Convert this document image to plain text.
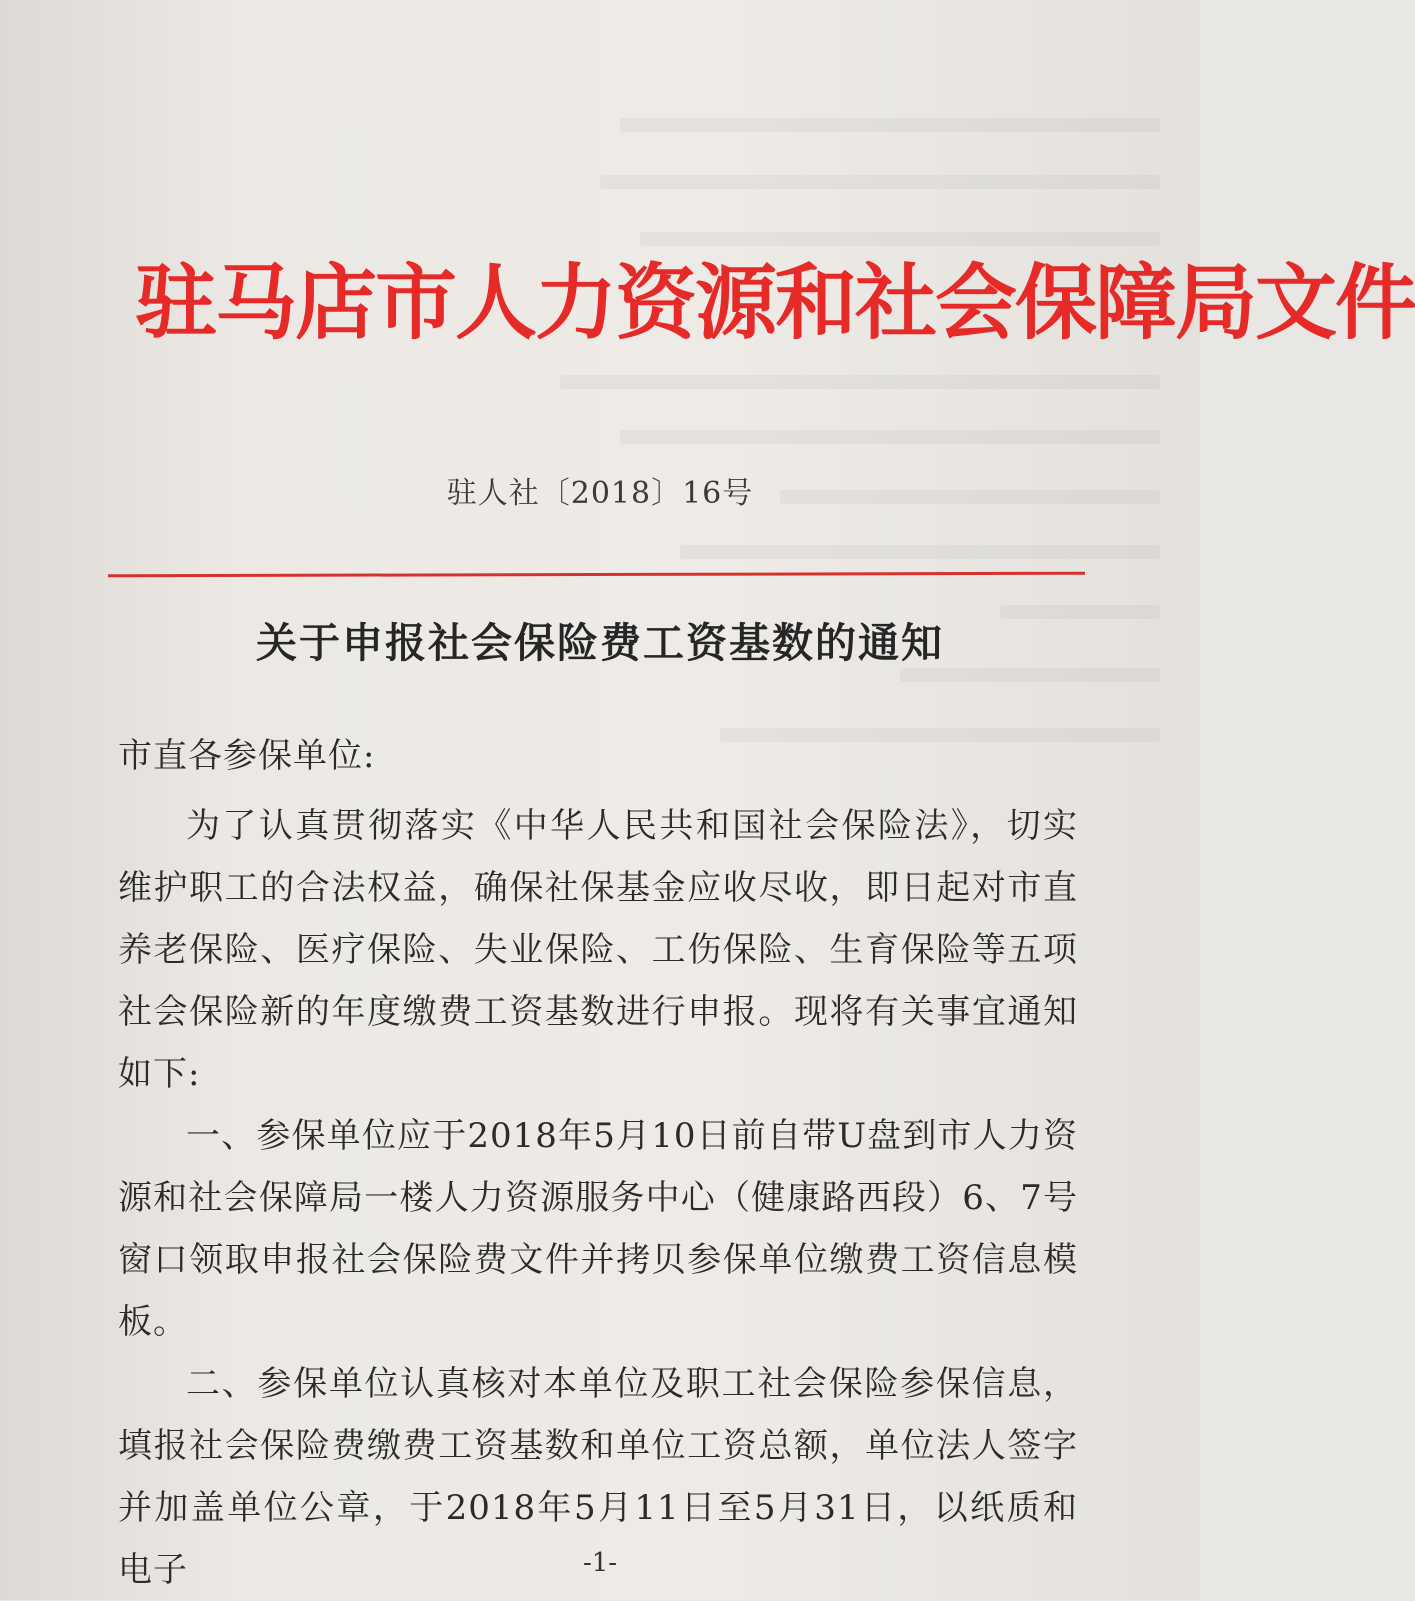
驻马店市人力资源和社会保障局文件
驻人社〔2018〕16号
关于申报社会保险费工资基数的通知

市直各参保单位:

为了认真贯彻落实《中华人民共和国社会保险法》，切实维护职工的合法权益，确保社保基金应收尽收，即日起对市直养老保险、医疗保险、失业保险、工伤保险、生育保险等五项社会保险新的年度缴费工资基数进行申报。现将有关事宜通知如下:

一、参保单位应于2018年5月10日前自带U盘到市人力资源和社会保障局一楼人力资源服务中心（健康路西段）6、7号窗口领取申报社会保险费文件并拷贝参保单位缴费工资信息模板。

二、参保单位认真核对本单位及职工社会保险参保信息，填报社会保险费缴费工资基数和单位工资总额，单位法人签字并加盖单位公章，于2018年5月11日至5月31日，以纸质和电子	-1-
